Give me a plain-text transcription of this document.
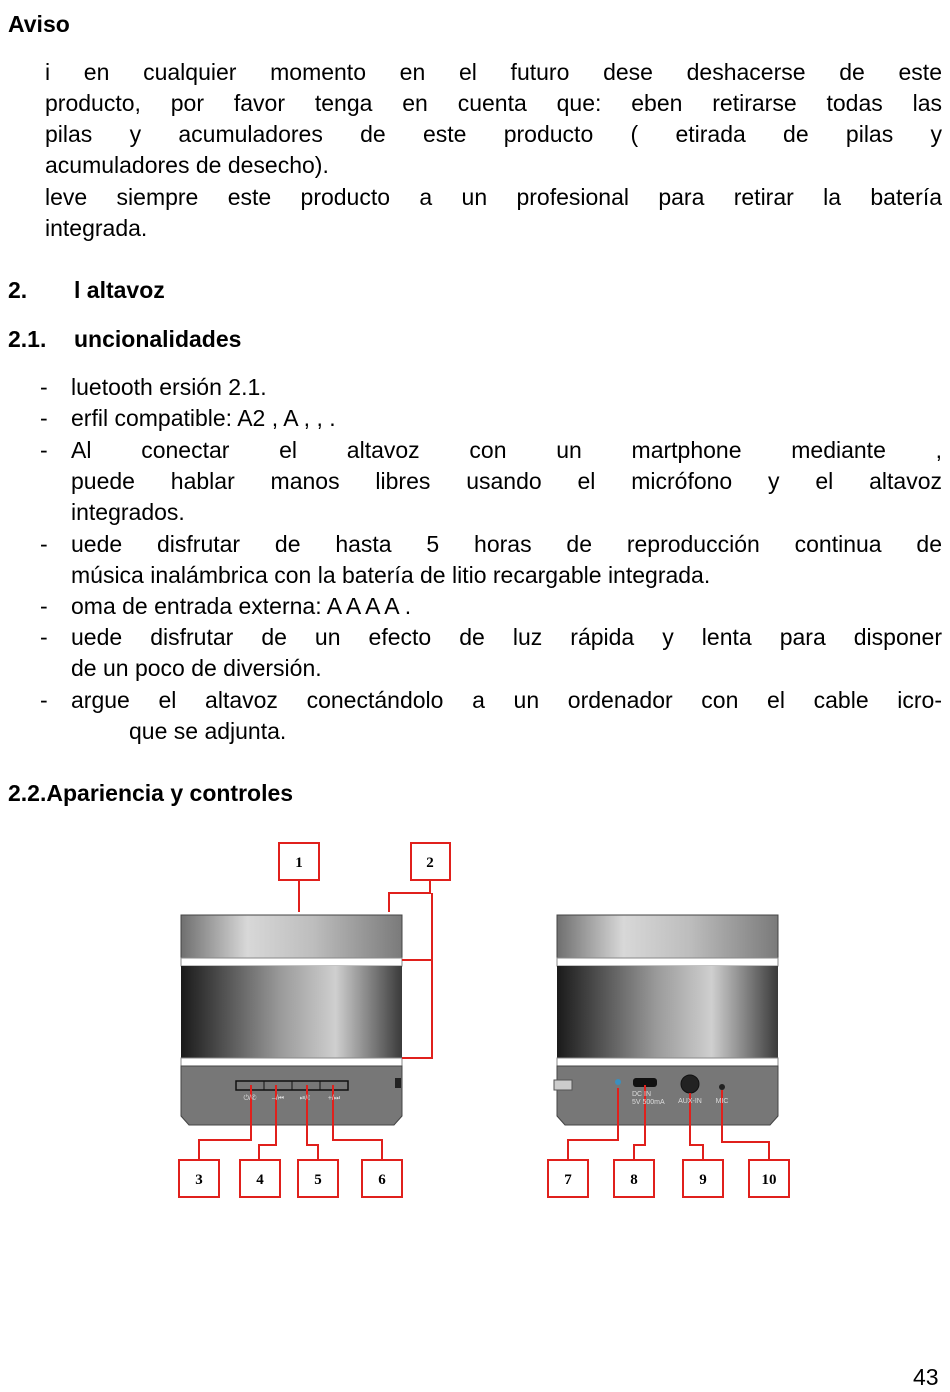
Aviso
i en cualquier momento en el futuro dese deshacerse de este
producto, por favor tenga en cuenta que: eben retirarse todas las
pilas y acumuladores de este producto ( etirada de pilas y
acumuladores de desecho).
leve siempre este producto a un profesional para retirar la batería
integrada.
2. l altavoz
2.1. uncionalidades
- luetooth ersión 2.1.
- erfil compatible: A2 , A , , .
- Al conectar el altavoz con un martphone mediante ,
puede hablar manos libres usando el micrófono y el altavoz
integrados.
- uede disfrutar de hasta 5 horas de reproducción continua de
música inalámbrica con la batería de litio recargable integrada.
- oma de entrada externa: A A A A .
- uede disfrutar de un efecto de luz rápida y lenta para disponer
de un poco de diversión.
- argue el altavoz conectándolo a un ordenador con el cable icro-
que se adjunta.
2.2.Apariencia y controles
1	2
3	4	5	6	7	8	9	10
⏻/✆ –/⏮ ⏯/☾ +/⏭
DC IN
5V 500mA AUX-IN MIC
43
